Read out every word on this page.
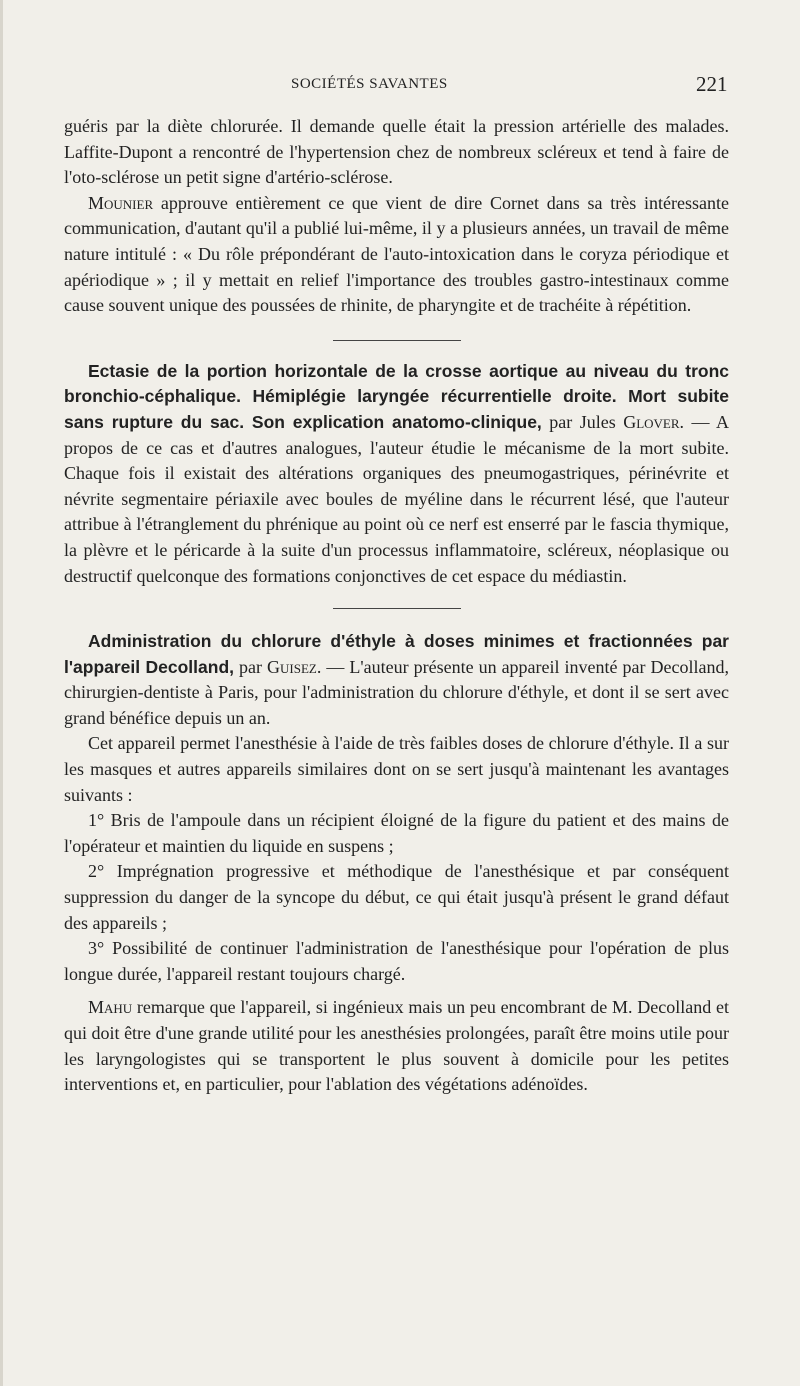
SOCIÉTÉS SAVANTES	221

guéris par la diète chlorurée. Il demande quelle était la pression artérielle des malades. Laffite-Dupont a rencontré de l'hypertension chez de nombreux scléreux et tend à faire de l'oto-sclérose un petit signe d'artério-sclérose.

Mounier approuve entièrement ce que vient de dire Cornet dans sa très intéressante communication, d'autant qu'il a publié lui-même, il y a plusieurs années, un travail de même nature intitulé : « Du rôle prépondérant de l'auto-intoxication dans le coryza périodique et apériodique » ; il y mettait en relief l'importance des troubles gastro-intestinaux comme cause souvent unique des poussées de rhinite, de pharyngite et de trachéite à répétition.

Ectasie de la portion horizontale de la crosse aortique au niveau du tronc bronchio-céphalique. Hémiplégie laryngée récurrentielle droite. Mort subite sans rupture du sac. Son explication anatomo-clinique, par Jules Glover. — A propos de ce cas et d'autres analogues, l'auteur étudie le mécanisme de la mort subite. Chaque fois il existait des altérations organiques des pneumogastriques, périnévrite et névrite segmentaire périaxile avec boules de myéline dans le récurrent lésé, que l'auteur attribue à l'étranglement du phrénique au point où ce nerf est enserré par le fascia thymique, la plèvre et le péricarde à la suite d'un processus inflammatoire, scléreux, néoplasique ou destructif quelconque des formations conjonctives de cet espace du médiastin.

Administration du chlorure d'éthyle à doses minimes et fractionnées par l'appareil Decolland, par Guisez. — L'auteur présente un appareil inventé par Decolland, chirurgien-dentiste à Paris, pour l'administration du chlorure d'éthyle, et dont il se sert avec grand bénéfice depuis un an.

Cet appareil permet l'anesthésie à l'aide de très faibles doses de chlorure d'éthyle. Il a sur les masques et autres appareils similaires dont on se sert jusqu'à maintenant les avantages suivants :

1° Bris de l'ampoule dans un récipient éloigné de la figure du patient et des mains de l'opérateur et maintien du liquide en suspens ;

2° Imprégnation progressive et méthodique de l'anesthésique et par conséquent suppression du danger de la syncope du début, ce qui était jusqu'à présent le grand défaut des appareils ;

3° Possibilité de continuer l'administration de l'anesthésique pour l'opération de plus longue durée, l'appareil restant toujours chargé.

Mahu remarque que l'appareil, si ingénieux mais un peu encombrant de M. Decolland et qui doit être d'une grande utilité pour les anesthésies prolongées, paraît être moins utile pour les laryngologistes qui se transportent le plus souvent à domicile pour les petites interventions et, en particulier, pour l'ablation des végétations adénoïdes.
